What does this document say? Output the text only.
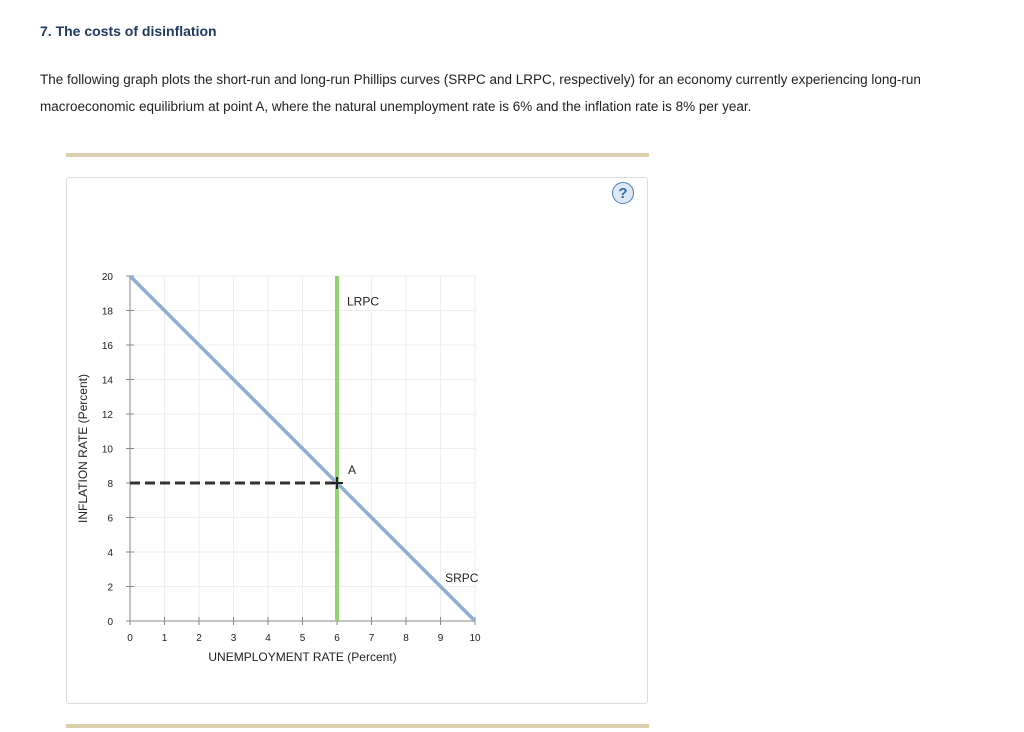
7. The costs of disinflation

The following graph plots the short-run and long-run Phillips curves (SRPC and LRPC, respectively) for an economy currently experiencing long-run macroeconomic equilibrium at point A, where the natural unemployment rate is 6% and the inflation rate is 8% per year.

?
0	1	2	3	4	5	6	7	8	9	10
0
2
4
6
8
10
12
14
16
18
20
UNEMPLOYMENT RATE (Percent)
INFLATION RATE (Percent)
LRPC
SRPC
A
